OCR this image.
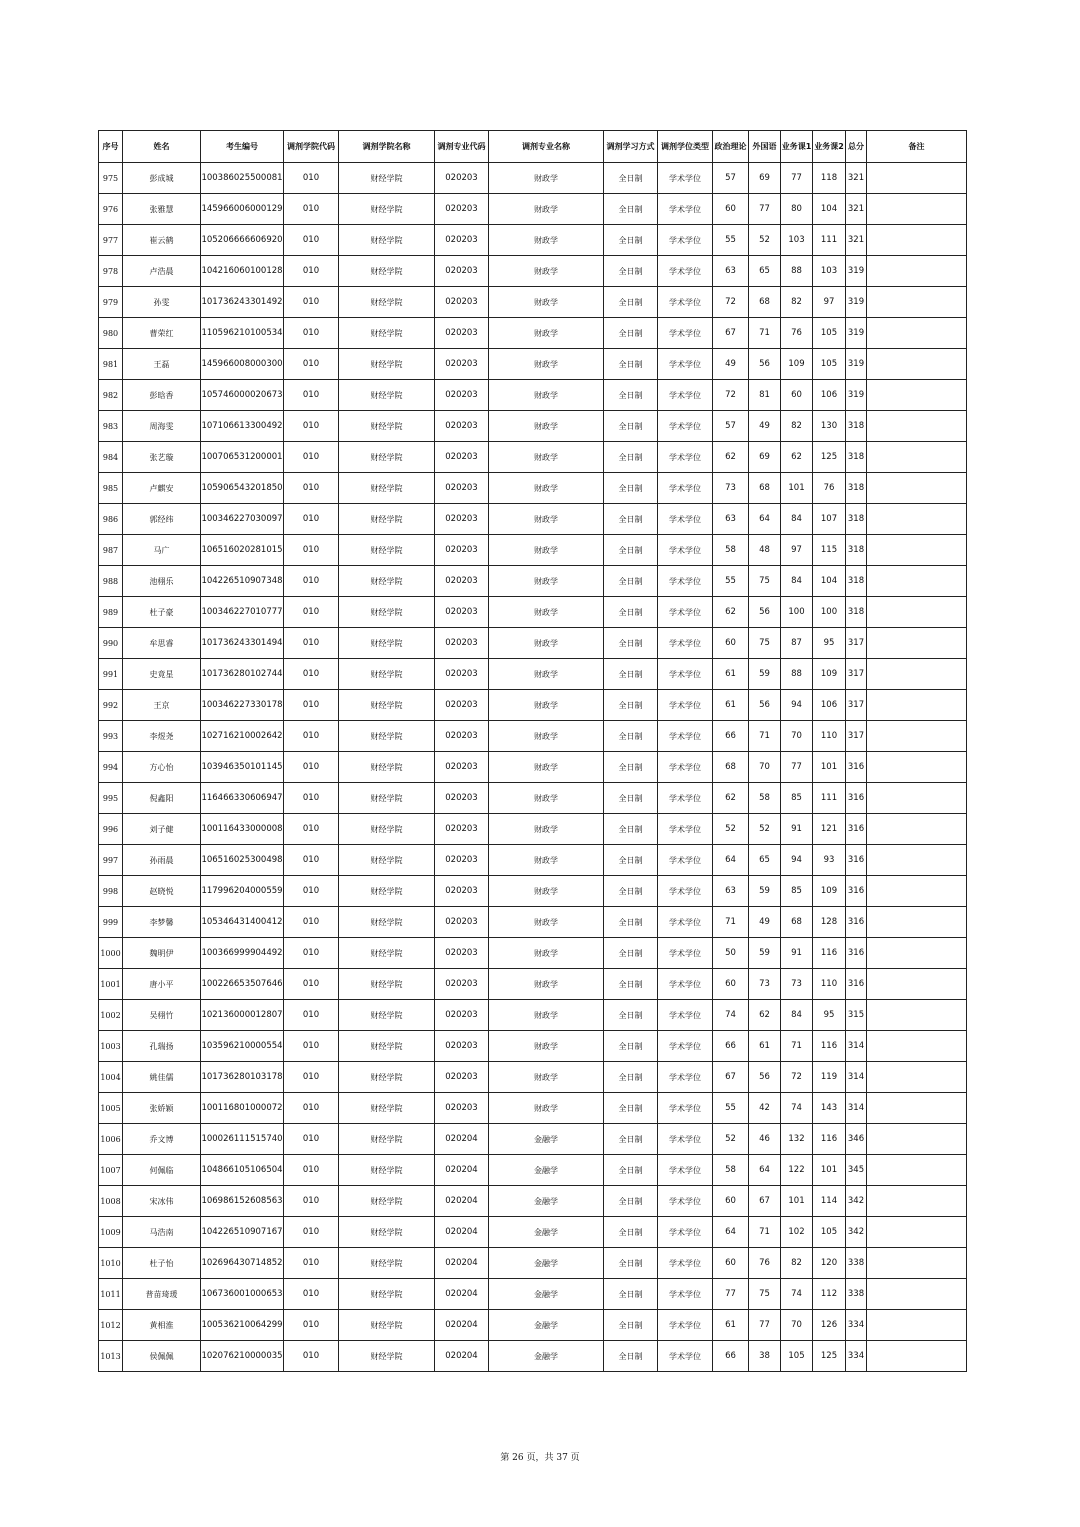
序号	姓名	考生编号	调剂学院代码	调剂学院名称	调剂专业代码	调剂专业名称	调剂学习方式	调剂学位类型	政治理论	外国语	业务课1	业务课2	总分	备注
975	彭成城	100386025500081	010	财经学院	020203	财政学	全日制	学术学位	57	69	77	118	321	
976	张雅慧	145966006000129	010	财经学院	020203	财政学	全日制	学术学位	60	77	80	104	321	
977	崔云鹤	105206666606920	010	财经学院	020203	财政学	全日制	学术学位	55	52	103	111	321	
978	卢浩晨	104216060100128	010	财经学院	020203	财政学	全日制	学术学位	63	65	88	103	319	
979	孙雯	101736243301492	010	财经学院	020203	财政学	全日制	学术学位	72	68	82	97	319	
980	曹荣红	110596210100534	010	财经学院	020203	财政学	全日制	学术学位	67	71	76	105	319	
981	王磊	145966008000300	010	财经学院	020203	财政学	全日制	学术学位	49	56	109	105	319	
982	彭晗香	105746000020673	010	财经学院	020203	财政学	全日制	学术学位	72	81	60	106	319	
983	周海雯	107106613300492	010	财经学院	020203	财政学	全日制	学术学位	57	49	82	130	318	
984	张艺璇	100706531200001	010	财经学院	020203	财政学	全日制	学术学位	62	69	62	125	318	
985	卢麒安	105906543201850	010	财经学院	020203	财政学	全日制	学术学位	73	68	101	76	318	
986	郭经纬	100346227030097	010	财经学院	020203	财政学	全日制	学术学位	63	64	84	107	318	
987	马广	106516020281015	010	财经学院	020203	财政学	全日制	学术学位	58	48	97	115	318	
988	池栩乐	104226510907348	010	财经学院	020203	财政学	全日制	学术学位	55	75	84	104	318	
989	杜子豪	100346227010777	010	财经学院	020203	财政学	全日制	学术学位	62	56	100	100	318	
990	牟思睿	101736243301494	010	财经学院	020203	财政学	全日制	学术学位	60	75	87	95	317	
991	史竟星	101736280102744	010	财经学院	020203	财政学	全日制	学术学位	61	59	88	109	317	
992	王京	100346227330178	010	财经学院	020203	财政学	全日制	学术学位	61	56	94	106	317	
993	李煜尧	102716210002642	010	财经学院	020203	财政学	全日制	学术学位	66	71	70	110	317	
994	方心怡	103946350101145	010	财经学院	020203	财政学	全日制	学术学位	68	70	77	101	316	
995	倪鑫阳	116466330606947	010	财经学院	020203	财政学	全日制	学术学位	62	58	85	111	316	
996	刘子健	100116433000008	010	财经学院	020203	财政学	全日制	学术学位	52	52	91	121	316	
997	孙雨晨	106516025300498	010	财经学院	020203	财政学	全日制	学术学位	64	65	94	93	316	
998	赵晓悦	117996204000559	010	财经学院	020203	财政学	全日制	学术学位	63	59	85	109	316	
999	李梦馨	105346431400412	010	财经学院	020203	财政学	全日制	学术学位	71	49	68	128	316	
1000	魏明伊	100366999904492	010	财经学院	020203	财政学	全日制	学术学位	50	59	91	116	316	
1001	唐小平	100226653507646	010	财经学院	020203	财政学	全日制	学术学位	60	73	73	110	316	
1002	吴栩竹	102136000012807	010	财经学院	020203	财政学	全日制	学术学位	74	62	84	95	315	
1003	孔瑞扬	103596210000554	010	财经学院	020203	财政学	全日制	学术学位	66	61	71	116	314	
1004	姚佳儒	101736280103178	010	财经学院	020203	财政学	全日制	学术学位	67	56	72	119	314	
1005	张娇颖	100116801000072	010	财经学院	020203	财政学	全日制	学术学位	55	42	74	143	314	
1006	乔文博	100026111515740	010	财经学院	020204	金融学	全日制	学术学位	52	46	132	116	346	
1007	何佩临	104866105106504	010	财经学院	020204	金融学	全日制	学术学位	58	64	122	101	345	
1008	宋冰伟	106986152608563	010	财经学院	020204	金融学	全日制	学术学位	60	67	101	114	342	
1009	马浩南	104226510907167	010	财经学院	020204	金融学	全日制	学术学位	64	71	102	105	342	
1010	杜子怡	102696430714852	010	财经学院	020204	金融学	全日制	学术学位	60	76	82	120	338	
1011	普苗琦瑗	106736001000653	010	财经学院	020204	金融学	全日制	学术学位	77	75	74	112	338	
1012	黄相淮	100536210064299	010	财经学院	020204	金融学	全日制	学术学位	61	77	70	126	334	
1013	侯佩佩	102076210000035	010	财经学院	020204	金融学	全日制	学术学位	66	38	105	125	334	
第 26 页，共 37 页
